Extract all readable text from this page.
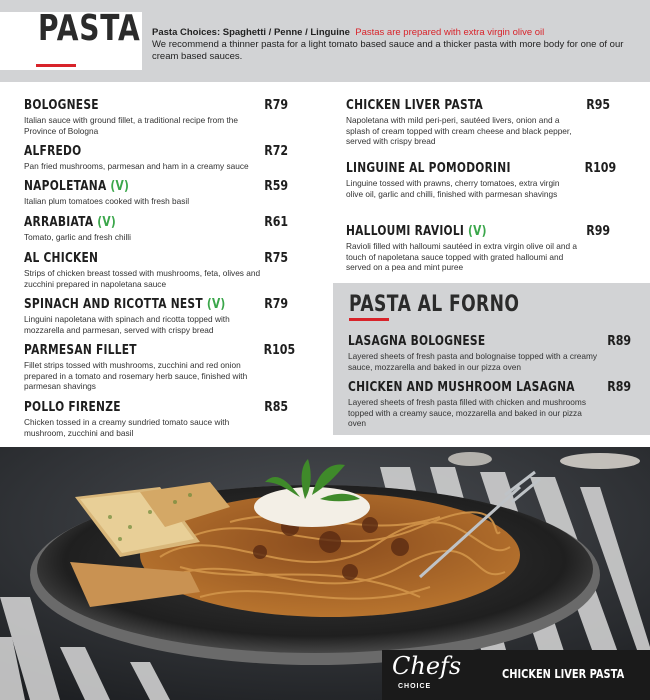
PASTA Pasta Choices: Spaghetti / Penne / Linguine Pastas are prepared with extra virgin olive oil
We recommend a thinner pasta for a light tomato based sauce and a thicker pasta with more body for one of our cream based sauces.
BOLOGNESE
Italian sauce with ground fillet, a traditional recipe from the Province of Bologna
R79
ALFREDO
Pan fried mushrooms, parmesan and ham in a creamy sauce
R72
NAPOLETANA (V)
Italian plum tomatoes cooked with fresh basil
R59
ARRABIATA (V)
Tomato, garlic and fresh chilli
R61
AL CHICKEN
Strips of chicken breast tossed with mushrooms, feta, olives and zucchini prepared in napoletana sauce
R75
SPINACH AND RICOTTA NEST (V)
Linguini napoletana with spinach and ricotta topped with mozzarella and parmesan, served with crispy bread
R79
PARMESAN FILLET
Fillet strips tossed with mushrooms, zucchini and red onion prepared in a tomato and rosemary herb sauce, finished with parmesan shavings
R105
POLLO FIRENZE
Chicken tossed in a creamy sundried tomato sauce with mushroom, zucchini and basil
R85
CHICKEN LIVER PASTA
Napoletana with mild peri-peri, sautéed livers, onion and a splash of cream topped with cream cheese and black pepper, served with crispy bread
R95
LINGUINE AL POMODORINI
Linguine tossed with prawns, cherry tomatoes, extra virgin olive oil, garlic and chilli, finished with parmesan shavings
R109
HALLOUMI RAVIOLI (V)
Ravioli filled with halloumi sautéed in extra virgin olive oil and a touch of napoletana sauce topped with grated halloumi and served on a pea and mint puree
R99
PASTA AL FORNO
LASAGNA BOLOGNESE
Layered sheets of fresh pasta and bolognaise topped with a creamy sauce, mozzarella and baked in our pizza oven
R89
CHICKEN AND MUSHROOM LASAGNA
Layered sheets of fresh pasta filled with chicken and mushrooms topped with a creamy sauce, mozzarella and baked in our pizza oven
R89
Chefs
CHOICE
CHICKEN LIVER PASTA
